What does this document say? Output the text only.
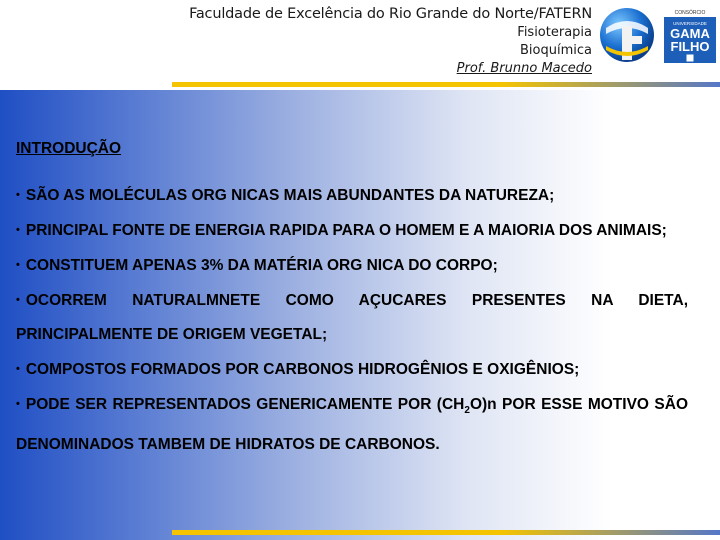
Faculdade de Excelência do Rio Grande do Norte/FATERN
Fisioterapia
Bioquímica
Prof. Brunno Macedo
CONSÓRCIO
UNIVERSIDADE
GAMA
FILHO

INTRODUÇÃO

• SÃO AS MOLÉCULAS ORG NICAS MAIS ABUNDANTES DA NATUREZA;

• PRINCIPAL FONTE DE ENERGIA RAPIDA PARA O HOMEM E A MAIORIA DOS ANIMAIS;

• CONSTITUEM APENAS 3% DA MATÉRIA ORG NICA DO CORPO;

• OCORREM NATURALMNETE COMO AÇUCARES PRESENTES NA DIETA, PRINCIPALMENTE DE ORIGEM VEGETAL;

• COMPOSTOS FORMADOS POR CARBONOS HIDROGÊNIOS E OXIGÊNIOS;

• PODE SER REPRESENTADOS GENERICAMENTE POR $(CH_2O)n$ POR ESSE MOTIVO SÃO DENOMINADOS TAMBEM DE HIDRATOS DE CARBONOS.
